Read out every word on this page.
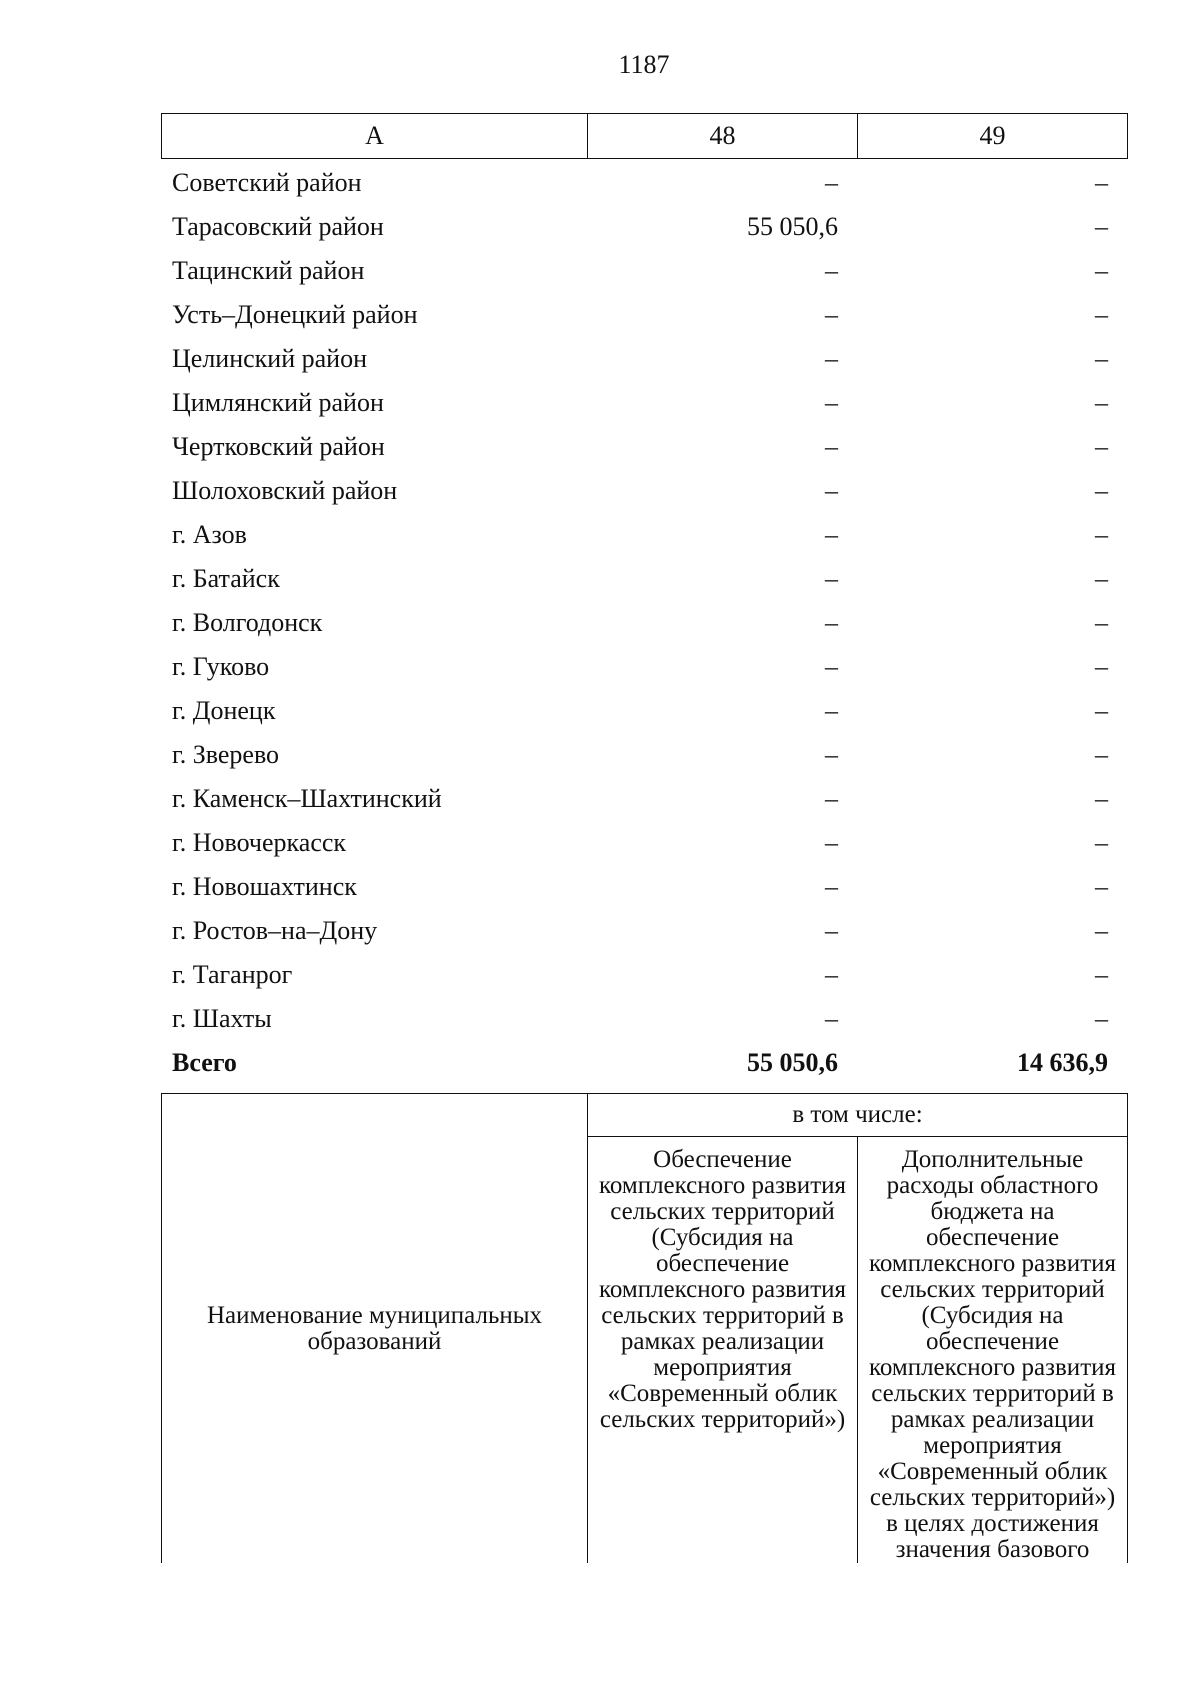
1187
А	48	49
Советский район	–	–
Тарасовский район	55 050,6	–
Тацинский район	–	–
Усть–Донецкий район	–	–
Целинский район	–	–
Цимлянский район	–	–
Чертковский район	–	–
Шолоховский район	–	–
г. Азов	–	–
г. Батайск	–	–
г. Волгодонск	–	–
г. Гуково	–	–
г. Донецк	–	–
г. Зверево	–	–
г. Каменск–Шахтинский	–	–
г. Новочеркасск	–	–
г. Новошахтинск	–	–
г. Ростов–на–Дону	–	–
г. Таганрог	–	–
г. Шахты	–	–
Всего	55 050,6	14 636,9
Наименование муниципальных образований	в том числе:	
	Обеспечение комплексного развития сельских территорий (Субсидия на обеспечение комплексного развития сельских территорий в рамках реализации мероприятия «Современный облик сельских территорий»)	Дополнительные расходы областного бюджета на обеспечение комплексного развития сельских территорий (Субсидия на обеспечение комплексного развития сельских территорий в рамках реализации мероприятия «Современный облик сельских территорий») в целях достижения значения базового
